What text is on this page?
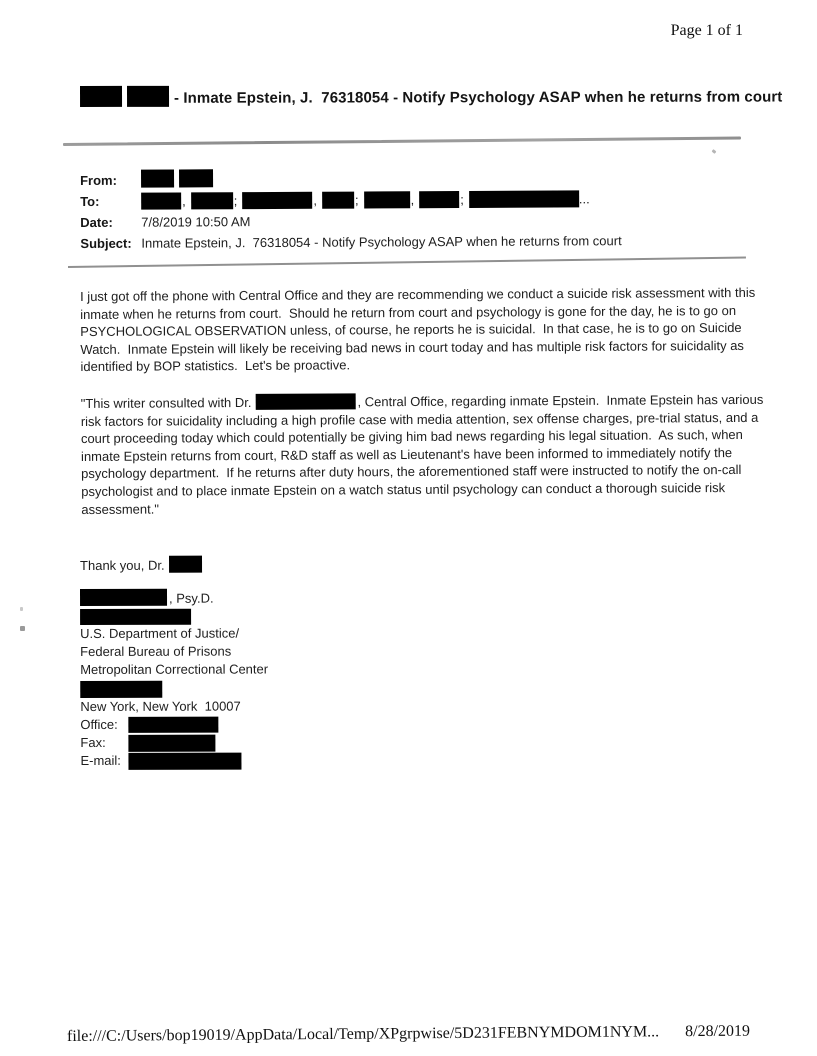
Page 1 of 1
- Inmate Epstein, J.  76318054 - Notify Psychology ASAP when he returns from court
From:
To:	,	;	,	;	,	;	...
Date:	7/8/2019 10:50 AM
Subject: Inmate Epstein, J.  76318054 - Notify Psychology ASAP when he returns from court

I just got off the phone with Central Office and they are recommending we conduct a suicide risk assessment with this inmate when he returns from court.  Should he return from court and psychology is gone for the day, he is to go on PSYCHOLOGICAL OBSERVATION unless, of course, he reports he is suicidal.  In that case, he is to go on Suicide Watch.  Inmate Epstein will likely be receiving bad news in court today and has multiple risk factors for suicidality as identified by BOP statistics.  Let's be proactive.

"This writer consulted with Dr.	, Central Office, regarding inmate Epstein.  Inmate Epstein has various risk factors for suicidality including a high profile case with media attention, sex offense charges, pre-trial status, and a court proceeding today which could potentially be giving him bad news regarding his legal situation.  As such, when inmate Epstein returns from court, R&D staff as well as Lieutenant's have been informed to immediately notify the psychology department.  If he returns after duty hours, the aforementioned staff were instructed to notify the on-call psychologist and to place inmate Epstein on a watch status until psychology can conduct a thorough suicide risk assessment."

Thank you, Dr.
, Psy.D.
U.S. Department of Justice/
Federal Bureau of Prisons
Metropolitan Correctional Center
New York, New York  10007
Office:
Fax:
E-mail:
file:///C:/Users/bop19019/AppData/Local/Temp/XPgrpwise/5D231FEBNYMDOM1NYM... 8/28/2019
